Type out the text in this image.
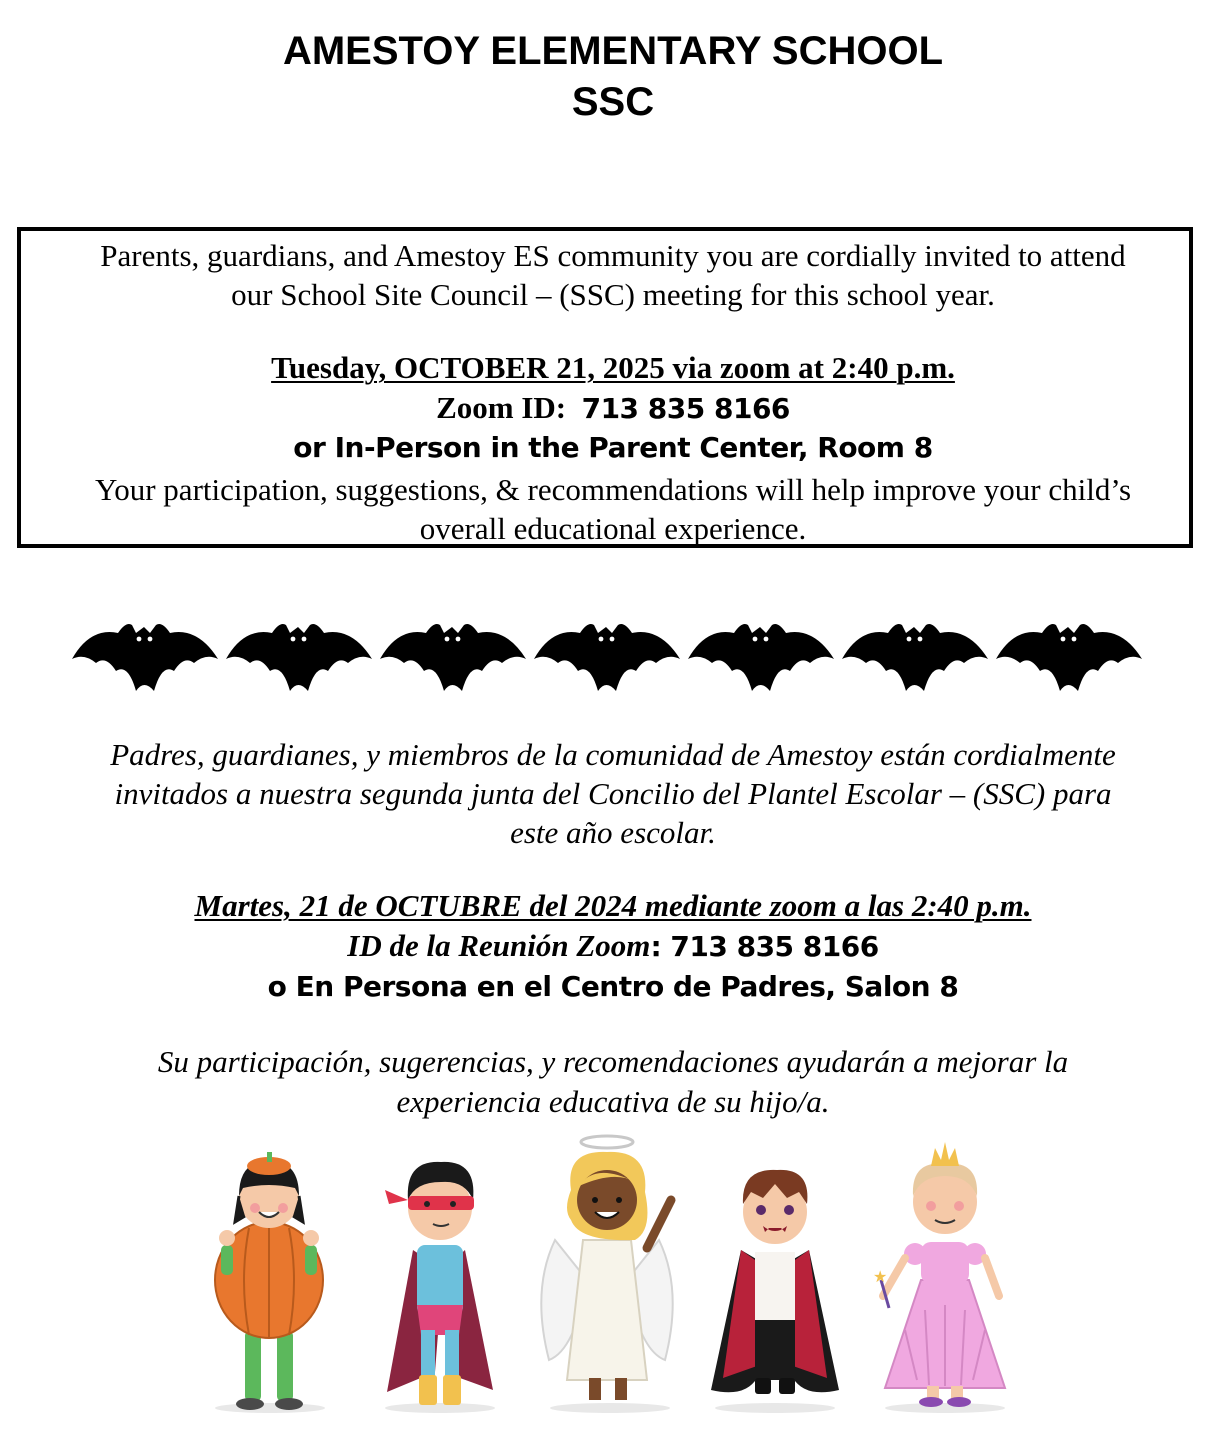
AMESTOY ELEMENTARY SCHOOL
SSC
Parents, guardians, and Amestoy ES community you are cordially invited to attend
our School Site Council – (SSC) meeting for this school year.
Tuesday, OCTOBER 21, 2025 via zoom at 2:40 p.m.
Zoom ID:  713 835 8166
or In-Person in the Parent Center, Room 8
Your participation, suggestions, & recommendations will help improve your child’s
overall educational experience.
Padres, guardianes, y miembros de la comunidad de Amestoy están cordialmente
invitados a nuestra segunda junta del Concilio del Plantel Escolar – (SSC) para
este año escolar.
Martes, 21 de OCTUBRE del 2024 mediante zoom a las 2:40 p.m.
ID de la Reunión Zoom: 713 835 8166
o En Persona en el Centro de Padres, Salon 8
Su participación, sugerencias, y recomendaciones ayudarán a mejorar la
experiencia educativa de su hijo/a.
★
